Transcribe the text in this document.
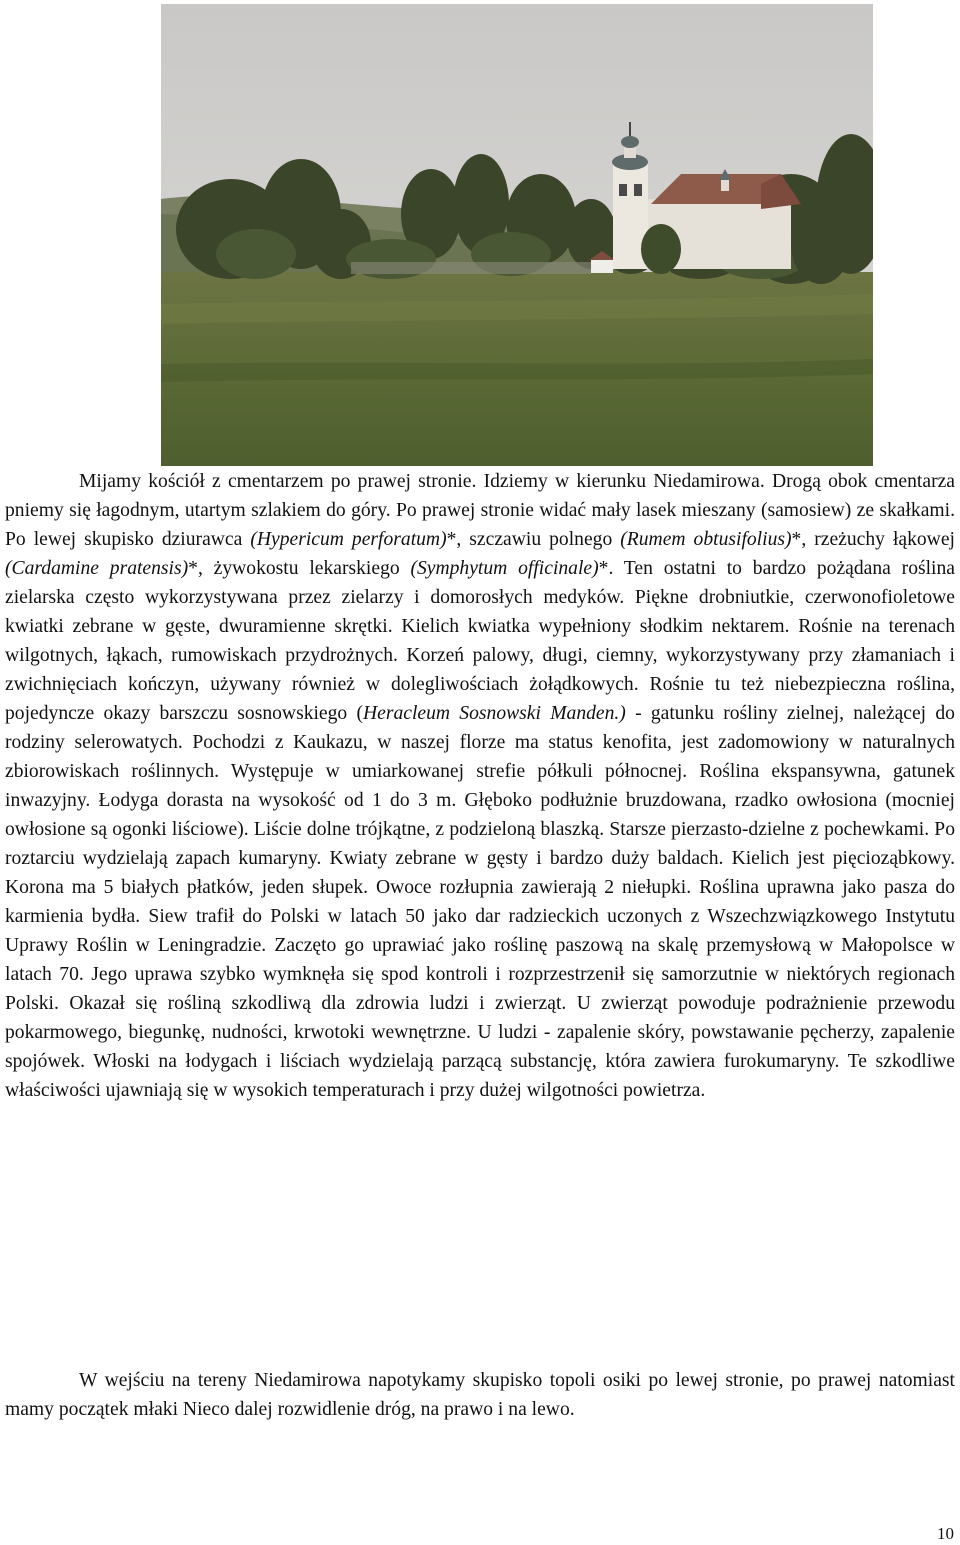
Mijamy kościół z cmentarzem po prawej stronie. Idziemy w kierunku Niedamirowa. Drogą obok cmentarza pniemy się łagodnym, utartym szlakiem do góry. Po prawej stronie widać mały lasek mieszany (samosiew) ze skałkami. Po lewej skupisko dziurawca (Hypericum perforatum)*, szczawiu polnego (Rumem obtusifolius)*, rzeżuchy łąkowej (Cardamine pratensis)*, żywokostu lekarskiego (Symphytum officinale)*. Ten ostatni to bardzo pożądana roślina zielarska często wykorzystywana przez zielarzy i domorosłych medyków. Piękne drobniutkie, czerwonofioletowe kwiatki zebrane w gęste, dwuramienne skrętki. Kielich kwiatka wypełniony słodkim nektarem. Rośnie na terenach wilgotnych, łąkach, rumowiskach przydrożnych. Korzeń palowy, długi, ciemny, wykorzystywany przy złamaniach i zwichnięciach kończyn, używany również w dolegliwościach żołądkowych. Rośnie tu też niebezpieczna roślina, pojedyncze okazy barszczu sosnowskiego (Heracleum Sosnowski Manden.) - gatunku rośliny zielnej, należącej do rodziny selerowatych. Pochodzi z Kaukazu, w naszej florze ma status kenofita, jest zadomowiony w naturalnych zbiorowiskach roślinnych. Występuje w umiarkowanej strefie półkuli północnej. Roślina ekspansywna, gatunek inwazyjny. Łodyga dorasta na wysokość od 1 do 3 m. Głęboko podłużnie bruzdowana, rzadko owłosiona (mocniej owłosione są ogonki liściowe). Liście dolne trójkątne, z podzieloną blaszką. Starsze pierzasto-dzielne z pochewkami. Po roztarciu wydzielają zapach kumaryny. Kwiaty zebrane w gęsty i bardzo duży baldach. Kielich jest pięcioząbkowy. Korona ma 5 białych płatków, jeden słupek. Owoce rozłupnia zawierają 2 niełupki. Roślina uprawna jako pasza do karmienia bydła. Siew trafił do Polski w latach 50 jako dar radzieckich uczonych z Wszechzwiązkowego Instytutu Uprawy Roślin w Leningradzie. Zaczęto go uprawiać jako roślinę paszową na skalę przemysłową w Małopolsce w latach 70. Jego uprawa szybko wymknęła się spod kontroli i rozprzestrzenił się samorzutnie w niektórych regionach Polski. Okazał się rośliną szkodliwą dla zdrowia ludzi i zwierząt. U zwierząt powoduje podrażnienie przewodu pokarmowego, biegunkę, nudności, krwotoki wewnętrzne. U ludzi - zapalenie skóry, powstawanie pęcherzy, zapalenie spojówek. Włoski na łodygach i liściach wydzielają parzącą substancję, która zawiera furokumaryny. Te szkodliwe właściwości ujawniają się w wysokich temperaturach i przy dużej wilgotności powietrza.

W wejściu na tereny Niedamirowa napotykamy skupisko topoli osiki po lewej stronie, po prawej natomiast mamy początek młaki Nieco dalej rozwidlenie dróg, na prawo i na lewo.

10
